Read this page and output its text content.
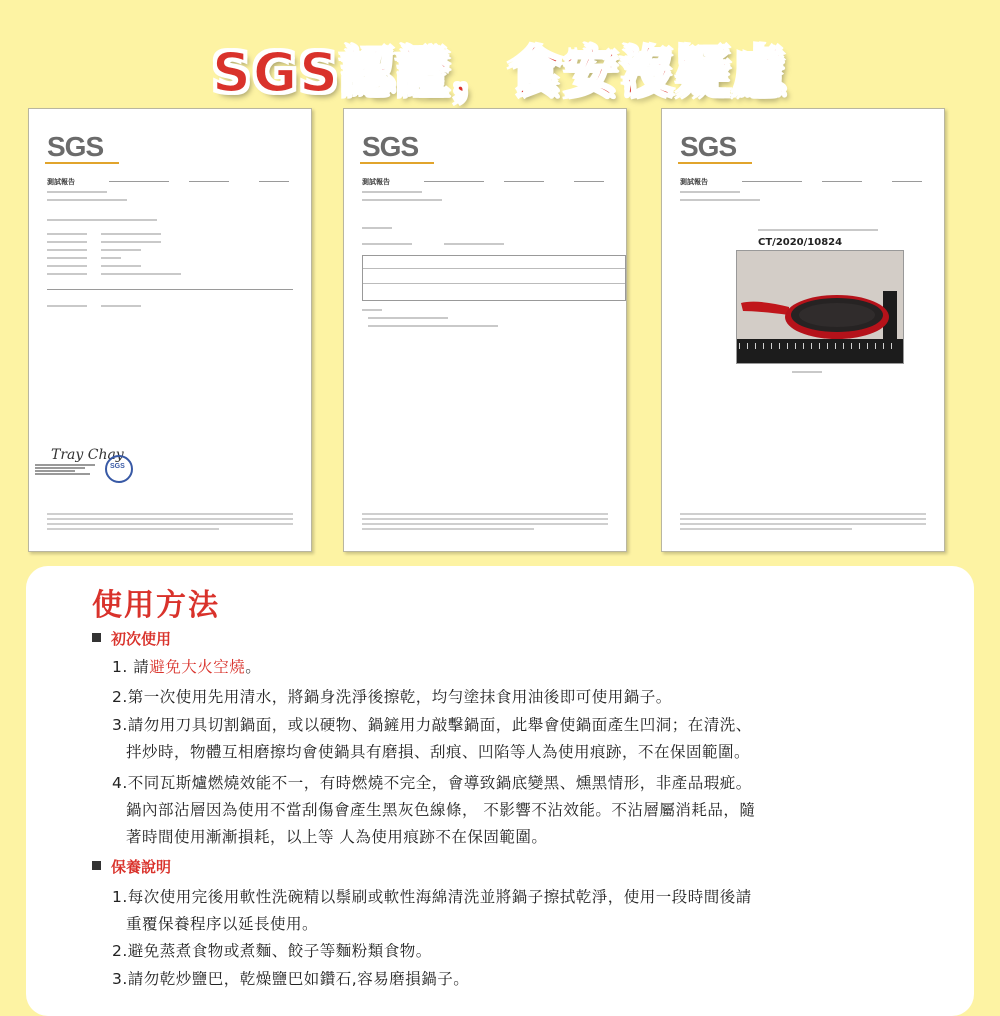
SGS認證，食安沒疑慮
SGS
測試報告
Tray Chay
SGS
SGS
測試報告
SGS
測試報告
CT/2020/10824
使用方法
初次使用
1. 請避免大火空燒。
2.第一次使用先用清水，將鍋身洗淨後擦乾，均勻塗抹食用油後即可使用鍋子。
3.請勿用刀具切割鍋面，或以硬物、鍋鏟用力敲擊鍋面，此舉會使鍋面產生凹洞；在清洗、
拌炒時，物體互相磨擦均會使鍋具有磨損、刮痕、凹陷等人為使用痕跡，不在保固範圍。
4.不同瓦斯爐燃燒效能不一，有時燃燒不完全，會導致鍋底變黑、燻黑情形，非產品瑕疵。
鍋內部沾層因為使用不當刮傷會產生黑灰色線條， 不影響不沾效能。不沾層屬消耗品，隨
著時間使用漸漸損耗，以上等 人為使用痕跡不在保固範圍。
保養說明
1.每次使用完後用軟性洗碗精以鬃刷或軟性海綿清洗並將鍋子擦拭乾淨，使用一段時間後請
重覆保養程序以延長使用。
2.避免蒸煮食物或煮麵、餃子等麵粉類食物。
3.請勿乾炒鹽巴，乾燥鹽巴如鑽石,容易磨損鍋子。
